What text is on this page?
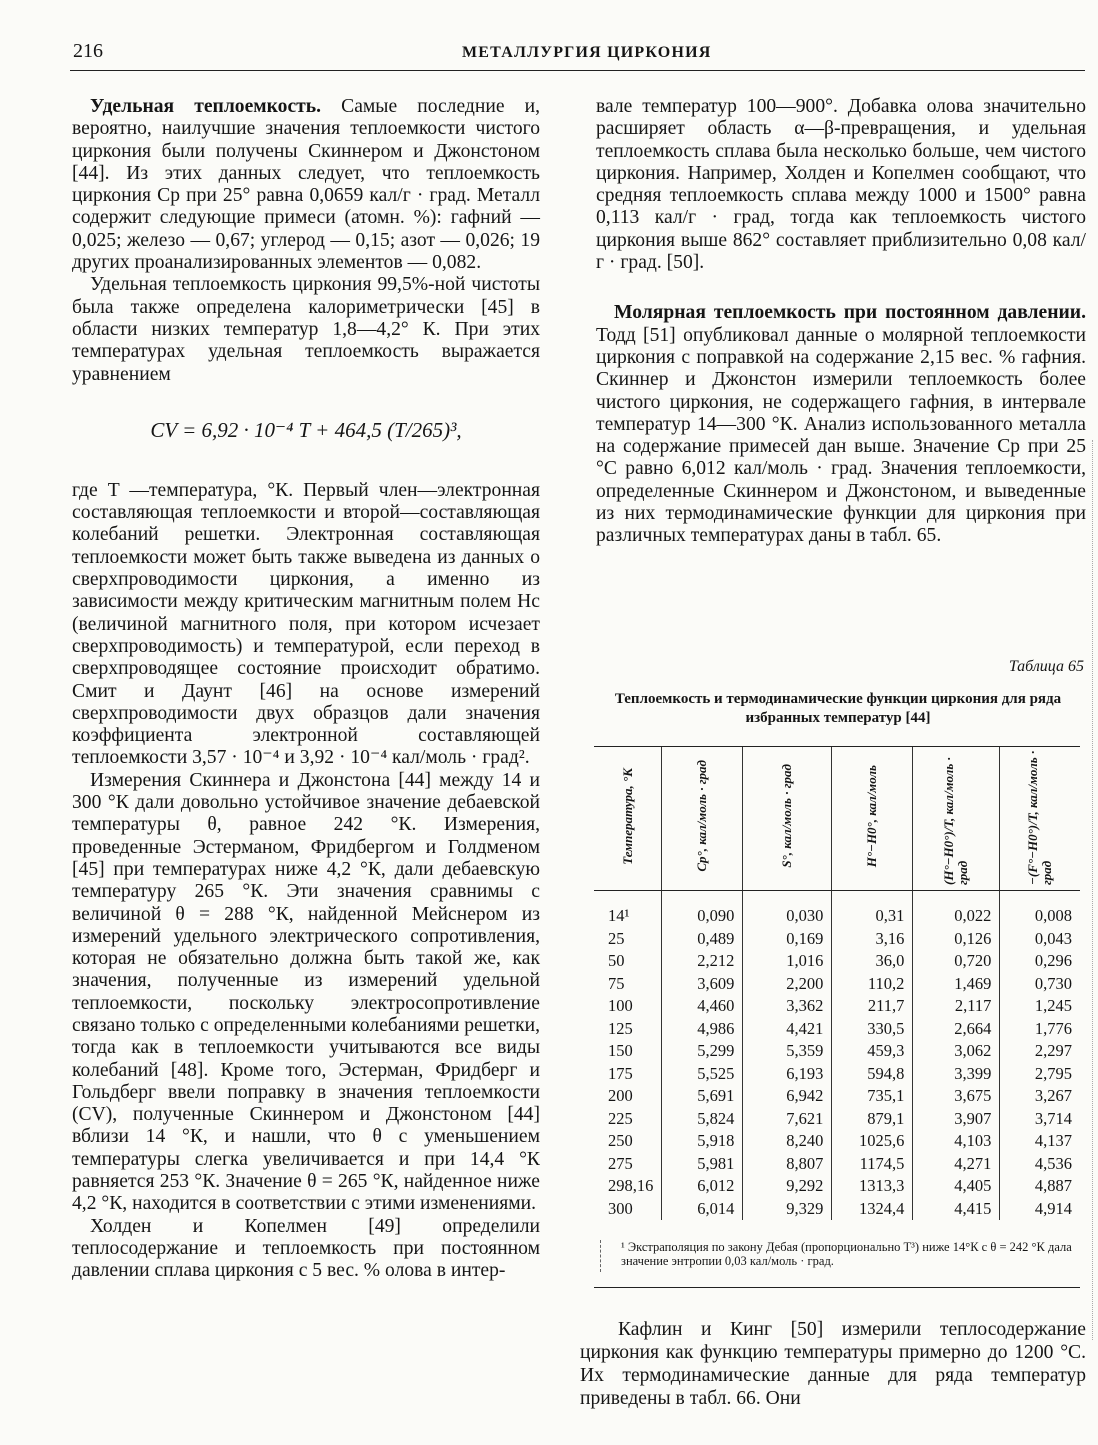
216	МЕТАЛЛУРГИЯ ЦИРКОНИЯ

Удельная теплоемкость. Самые последние и, вероятно, наилучшие значения теплоемкости чистого циркония были получены Скиннером и Джонстоном [44]. Из этих данных следует, что теплоемкость циркония Cp при 25° равна 0,0659 кал/г · град. Металл содержит следующие примеси (атомн. %): гафний — 0,025; железо — 0,67; углерод — 0,15; азот — 0,026; 19 других проанализированных элементов — 0,082.

Удельная теплоемкость циркония 99,5%-ной чистоты была также определена калориметрически [45] в области низких температур 1,8—4,2° К. При этих температурах удельная теплоемкость выражается уравнением

CV = 6,92 · 10⁻⁴ T + 464,5 (T/265)³,

где T —температура, °К. Первый член—электронная составляющая теплоемкости и второй—составляющая колебаний решетки. Электронная составляющая теплоемкости может быть также выведена из данных о сверхпроводимости циркония, а именно из зависимости между критическим магнитным полем Hc (величиной магнитного поля, при котором исчезает сверхпроводимость) и температурой, если переход в сверхпроводящее состояние происходит обратимо. Смит и Даунт [46] на основе измерений сверхпроводимости двух образцов дали значения коэффициента электронной составляющей теплоемкости 3,57 · 10⁻⁴ и 3,92 · 10⁻⁴ кал/моль · град².

Измерения Скиннера и Джонстона [44] между 14 и 300 °К дали довольно устойчивое значение дебаевской температуры θ, равное 242 °К. Измерения, проведенные Эстерманом, Фридбергом и Голдменом [45] при температурах ниже 4,2 °К, дали дебаевскую температуру 265 °К. Эти значения сравнимы с величиной θ = 288 °К, найденной Мейснером из измерений удельного электрического сопротивления, которая не обязательно должна быть такой же, как значения, полученные из измерений удельной теплоемкости, поскольку электросопротивление связано только с определенными колебаниями решетки, тогда как в теплоемкости учитываются все виды колебаний [48]. Кроме того, Эстерман, Фридберг и Гольдберг ввели поправку в значения теплоемкости (CV), полученные Скиннером и Джонстоном [44] вблизи 14 °К, и нашли, что θ с уменьшением температуры слегка увеличивается и при 14,4 °К равняется 253 °К. Значение θ = 265 °К, найденное ниже 4,2 °К, находится в соответствии с этими изменениями.

Холден и Копелмен [49] определили теплосодержание и теплоемкость при постоянном давлении сплава циркония с 5 вес. % олова в интер-

вале температур 100—900°. Добавка олова значительно расширяет область α—β-превращения, и удельная теплоемкость сплава была несколько больше, чем чистого циркония. Например, Холден и Копелмен сообщают, что средняя теплоемкость сплава между 1000 и 1500° равна 0,113 кал/г · град, тогда как теплоемкость чистого циркония выше 862° составляет приблизительно 0,08 кал/г · град. [50].

Молярная теплоемкость при постоянном давлении. Тодд [51] опубликовал данные о молярной теплоемкости циркония с поправкой на содержание 2,15 вес. % гафния. Скиннер и Джонстон измерили теплоемкость более чистого циркония, не содержащего гафния, в интервале температур 14—300 °К. Анализ использованного металла на содержание примесей дан выше. Значение Cp при 25 °С равно 6,012 кал/моль · град. Значения теплоемкости, определенные Скиннером и Джонстоном, и выведенные из них термодинамические функции для циркония при различных температурах даны в табл. 65.

Таблица 65
Теплоемкость и термодинамические функции циркония для ряда избранных температур [44]
Температура, °К	Cp°, кал/моль · град	S°, кал/моль · град	H°−H0°, кал/моль	(H°−H0°)/T, кал/моль · град	−(F°−H0°)/T, кал/моль · град
14¹	0,090	0,030	0,31	0,022	0,008
25	0,489	0,169	3,16	0,126	0,043
50	2,212	1,016	36,0	0,720	0,296
75	3,609	2,200	110,2	1,469	0,730
100	4,460	3,362	211,7	2,117	1,245
125	4,986	4,421	330,5	2,664	1,776
150	5,299	5,359	459,3	3,062	2,297
175	5,525	6,193	594,8	3,399	2,795
200	5,691	6,942	735,1	3,675	3,267
225	5,824	7,621	879,1	3,907	3,714
250	5,918	8,240	1025,6	4,103	4,137
275	5,981	8,807	1174,5	4,271	4,536
298,16	6,012	9,292	1313,3	4,405	4,887
300	6,014	9,329	1324,4	4,415	4,914
¹ Экстраполяция по закону Дебая (пропорционально T³) ниже 14°К с θ = 242 °К дала значение энтропии 0,03 кал/моль · град.

Кафлин и Кинг [50] измерили теплосодержание циркония как функцию температуры примерно до 1200 °С. Их термодинамические данные для ряда температур приведены в табл. 66. Они
